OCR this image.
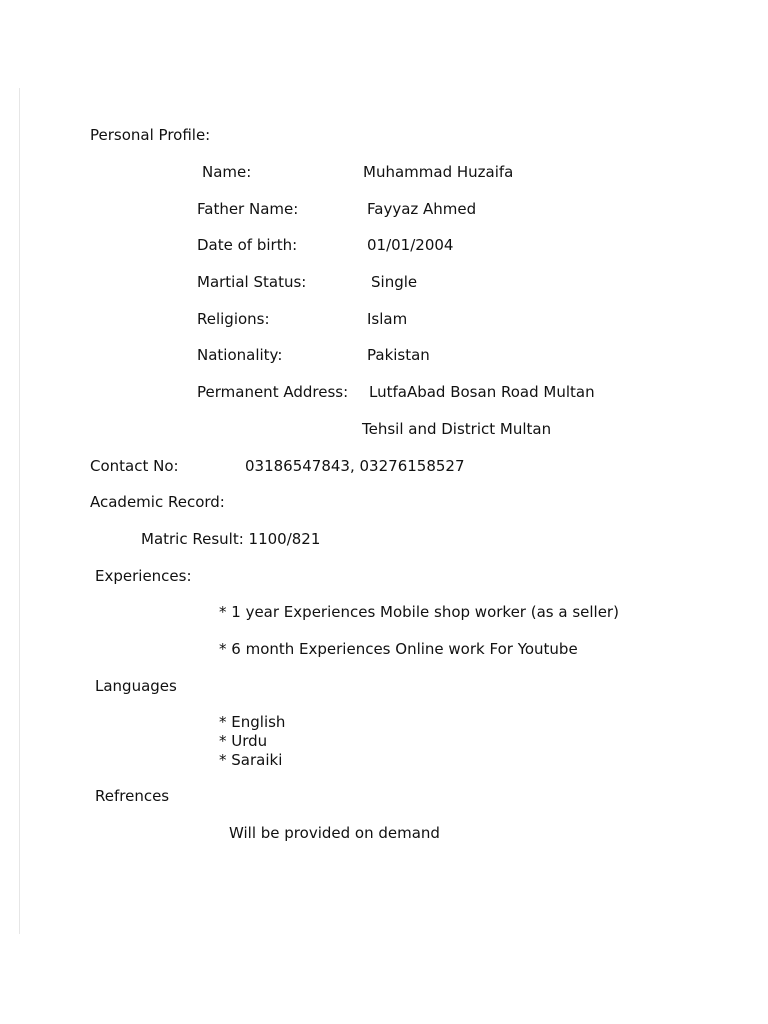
Personal Profile:
Name:	Muhammad Huzaifa
Father Name:	Fayyaz Ahmed
Date of birth:	01/01/2004
Martial Status:	Single
Religions:	Islam
Nationality:	Pakistan
Permanent Address: LutfaAbad Bosan Road Multan
Tehsil and District Multan
Contact No:	03186547843, 03276158527
Academic Record:
Matric Result: 1100/821
Experiences:
* 1 year Experiences Mobile shop worker (as a seller)
* 6 month Experiences Online work For Youtube
Languages
* English
* Urdu
* Saraiki
Refrences
Will be provided on demand
